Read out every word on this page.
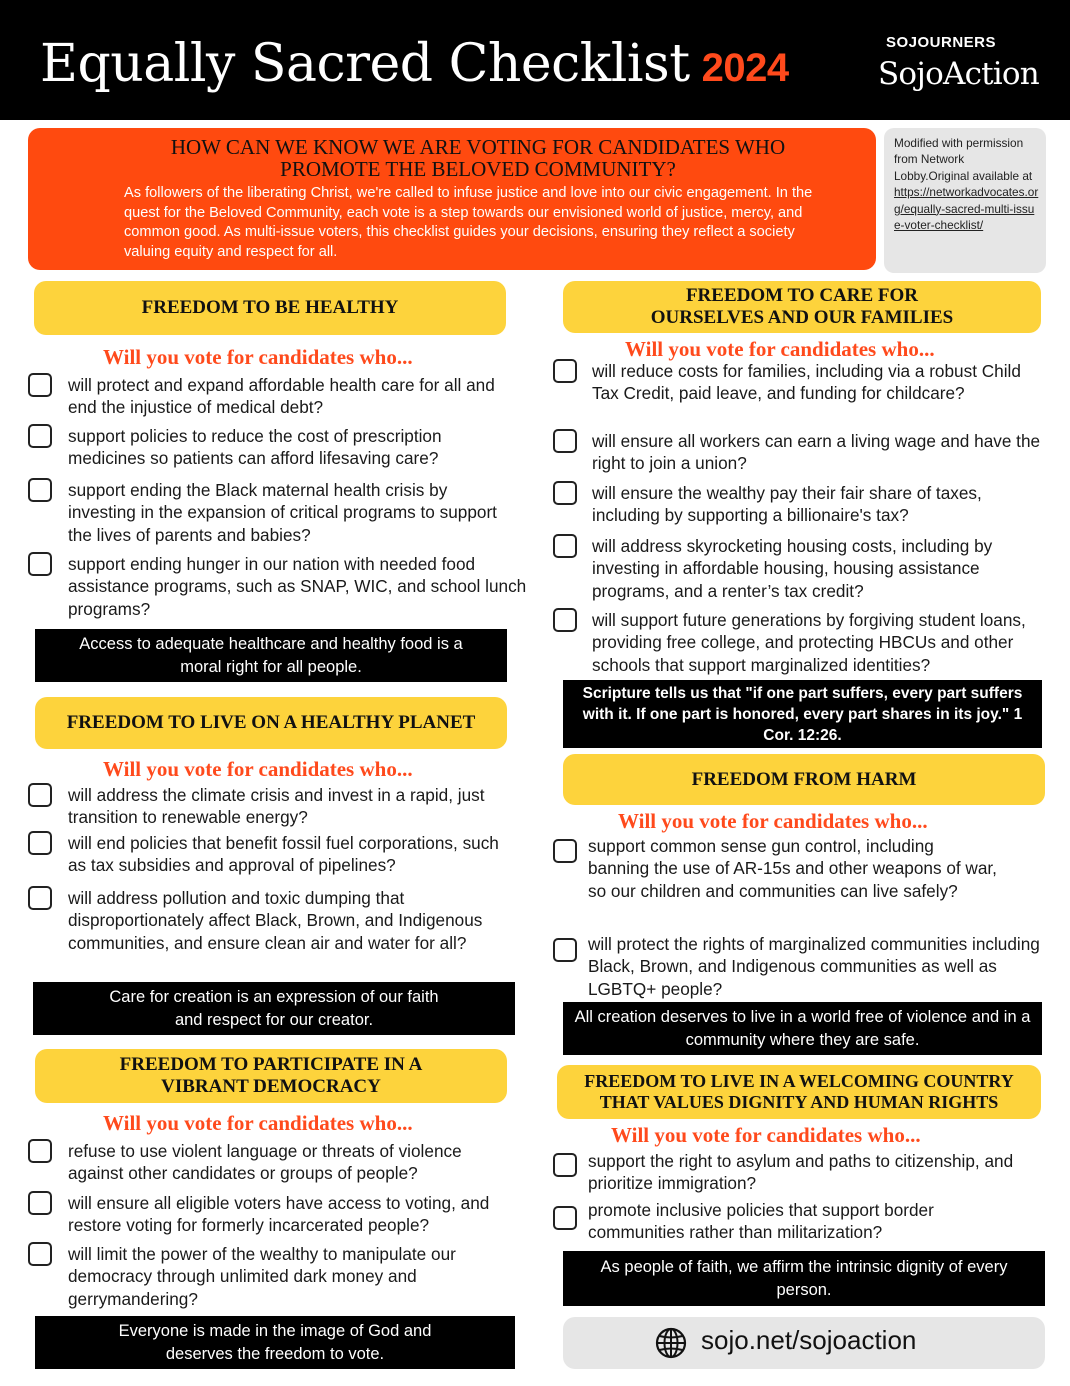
Equally Sacred Checklist 2024
SOJOURNERS
SojoAction
HOW CAN WE KNOW WE ARE VOTING FOR CANDIDATES WHO PROMOTE THE BELOVED COMMUNITY?
As followers of the liberating Christ, we're called to infuse justice and love into our civic engagement. In the quest for the Beloved Community, each vote is a step towards our envisioned world of justice, mercy, and common good. As multi-issue voters, this checklist guides your decisions, ensuring they reflect a society valuing equity and respect for all.
Modified with permission from Network Lobby.Original available at
https://networkadvocates.org/equally-sacred-multi-issue-voter-checklist/
FREEDOM TO BE HEALTHY
Will you vote for candidates who...
will protect and expand affordable health care for all and end the injustice of medical debt?
support policies to reduce the cost of prescription medicines so patients can afford lifesaving care?
support ending the Black maternal health crisis by investing in the expansion of critical programs to support the lives of parents and babies?
support ending hunger in our nation with needed food assistance programs, such as SNAP, WIC, and school lunch programs?
Access to adequate healthcare and healthy food is a moral right for all people.
FREEDOM TO LIVE ON A HEALTHY PLANET
Will you vote for candidates who...
will address the climate crisis and invest in a rapid, just transition to renewable energy?
will end policies that benefit fossil fuel corporations, such as tax subsidies and approval of pipelines?
will address pollution and toxic dumping that disproportionately affect Black, Brown, and Indigenous communities, and ensure clean air and water for all?
Care for creation is an expression of our faith and respect for our creator.
FREEDOM TO PARTICIPATE IN A VIBRANT DEMOCRACY
Will you vote for candidates who...
refuse to use violent language or threats of violence against other candidates or groups of people?
will ensure all eligible voters have access to voting, and restore voting for formerly incarcerated people?
will limit the power of the wealthy to manipulate our democracy through unlimited dark money and gerrymandering?
Everyone is made in the image of God and deserves the freedom to vote.
FREEDOM TO CARE FOR OURSELVES AND OUR FAMILIES
Will you vote for candidates who...
will reduce costs for families, including via a robust Child Tax Credit, paid leave, and funding for childcare?
will ensure all workers can earn a living wage and have the right to join a union?
will ensure the wealthy pay their fair share of taxes, including by supporting a billionaire's tax?
will address skyrocketing housing costs, including by investing in affordable housing, housing assistance programs, and a renter’s tax credit?
will support future generations by forgiving student loans, providing free college, and protecting HBCUs and other schools that support marginalized identities?
Scripture tells us that "if one part suffers, every part suffers with it. If one part is honored, every part shares in its joy." 1 Cor. 12:26.
FREEDOM FROM HARM
Will you vote for candidates who...
support common sense gun control, including banning the use of AR-15s and other weapons of war, so our children and communities can live safely?
will protect the rights of marginalized communities including Black, Brown, and Indigenous communities as well as LGBTQ+ people?
All creation deserves to live in a world free of violence and in a community where they are safe.
FREEDOM TO LIVE IN A WELCOMING COUNTRY THAT VALUES DIGNITY AND HUMAN RIGHTS
Will you vote for candidates who...
support the right to asylum and paths to citizenship, and prioritize immigration?
promote inclusive policies that support border communities rather than militarization?
As people of faith, we affirm the intrinsic dignity of every person.
sojo.net/sojoaction
